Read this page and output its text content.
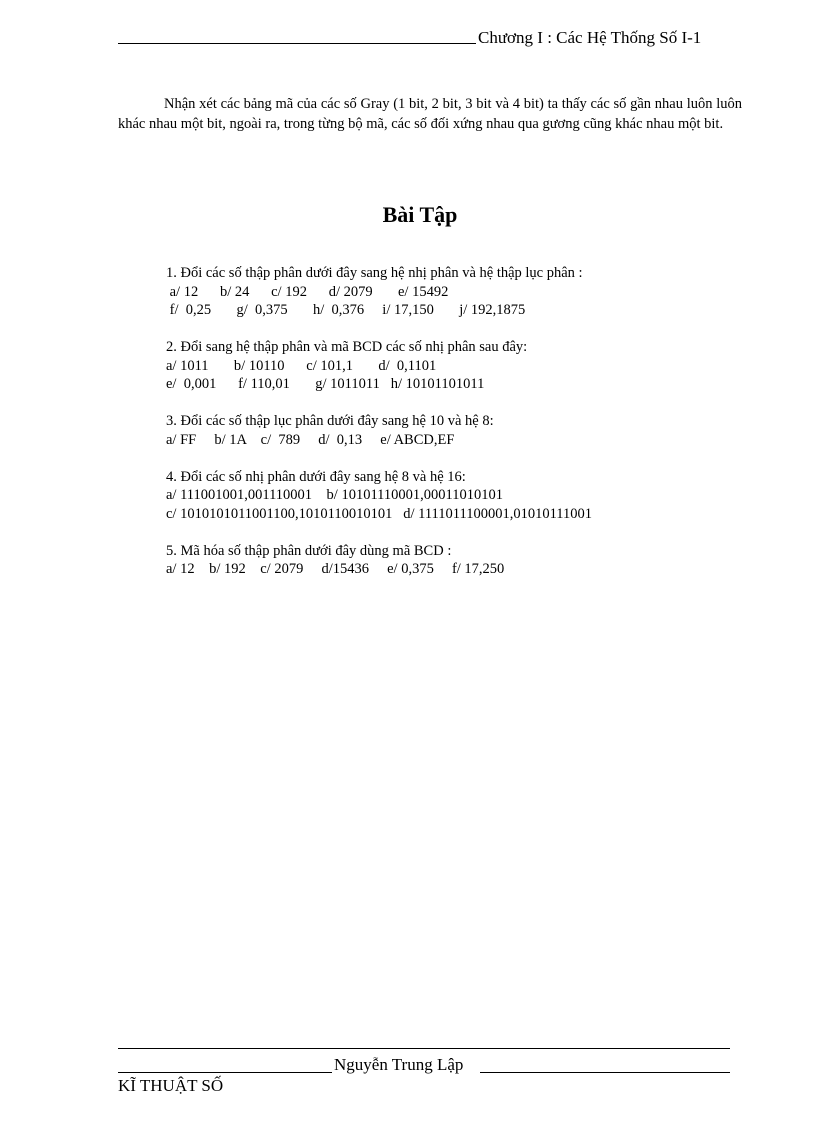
Chương I : Các Hệ Thống Số I-1
Nhận xét các bảng mã của các số Gray (1 bit, 2 bit, 3 bit và 4 bit) ta thấy các số gần nhau luôn luôn khác nhau một bit, ngoài ra, trong từng bộ mã, các số đối xứng nhau qua gương cũng khác nhau một bit.
Bài Tập
1. Đổi các số thập phân dưới đây sang hệ nhị phân và hệ thập lục phân :
a/ 12      b/ 24      c/ 192      d/ 2079       e/ 15492
f/  0,25       g/  0,375       h/  0,376     i/ 17,150       j/ 192,1875
2. Đổi sang hệ thập phân và mã BCD các số nhị phân sau đây:
a/ 1011       b/ 10110      c/ 101,1       d/  0,1101
e/  0,001      f/ 110,01       g/ 1011011   h/ 10101101011
3. Đổi các số thập lục phân dưới đây sang hệ 10 và hệ 8:
a/ FF     b/ 1A    c/  789     d/  0,13     e/ ABCD,EF
4. Đổi các số nhị phân dưới đây sang hệ 8 và hệ 16:
a/ 111001001,001110001    b/ 10101110001,00011010101
c/ 1010101011001100,1010110010101   d/ 1111011100001,01010111001
5. Mã hóa số thập phân dưới đây dùng mã BCD :
a/ 12    b/ 192    c/ 2079     d/15436     e/ 0,375     f/ 17,250
Nguyễn Trung Lập
KĨ THUẬT SỐ
